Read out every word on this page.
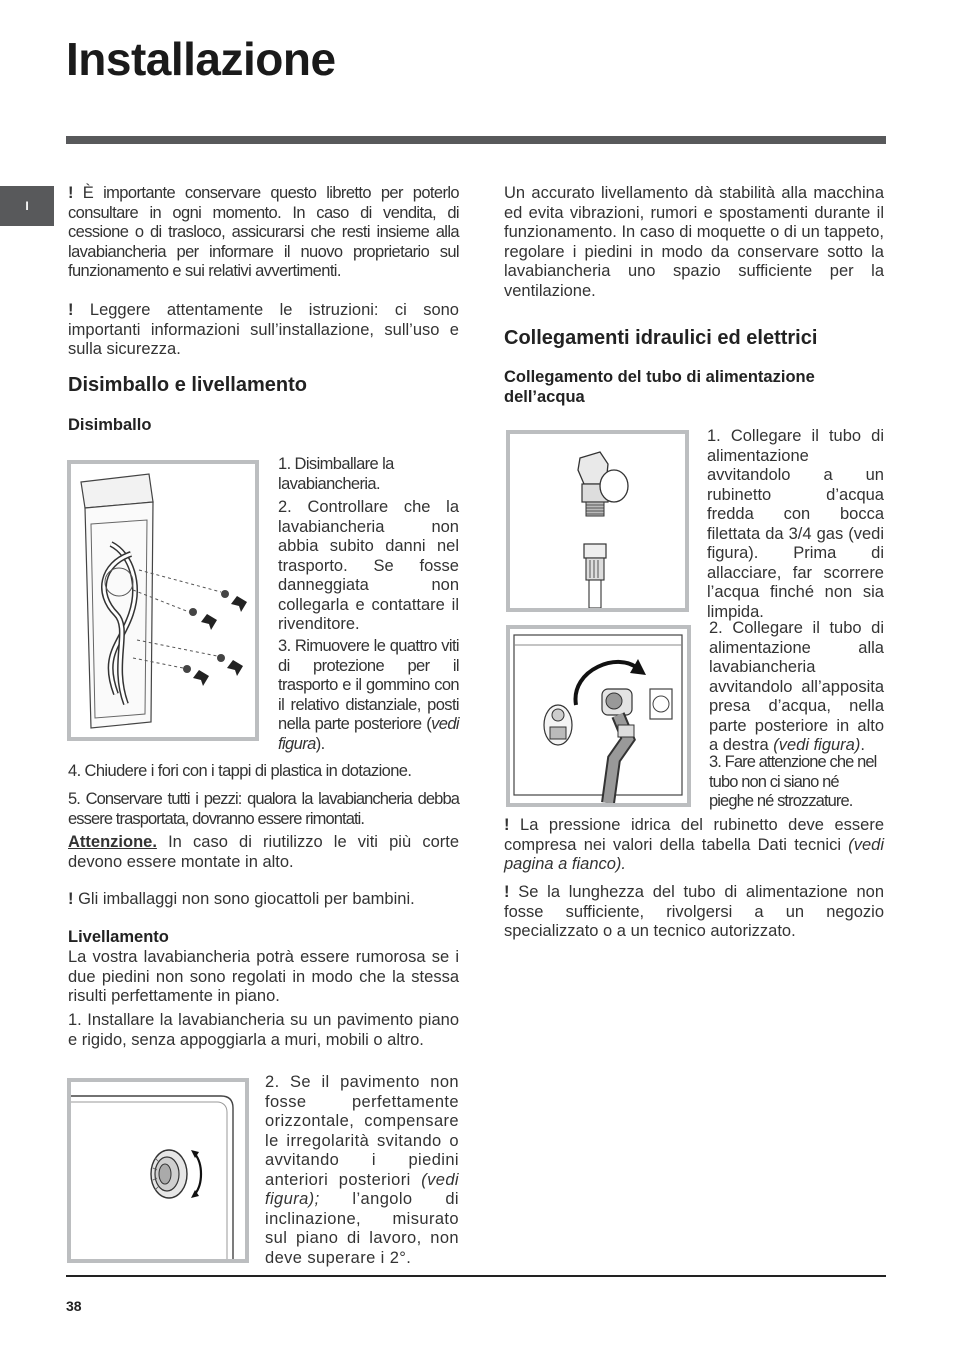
Installazione
I

! È importante conservare questo libretto per poterlo consultare in ogni momento. In caso di vendita, di cessione o di trasloco, assicurarsi che resti insieme alla lavabiancheria per informare il nuovo proprietario sul funzionamento e sui relativi avvertimenti.

! Leggere attentamente le istruzioni: ci sono importanti informazioni sull’installazione, sull’uso e sulla sicurezza.

Disimballo e livellamento
Disimballo

1. Disimballare la lavabiancheria.

2. Controllare che la lavabiancheria non abbia subito danni nel trasporto. Se fosse danneggiata non collegarla e contattare il rivenditore.

3. Rimuovere le quattro viti di protezione per il trasporto e il gommino con il relativo distanziale, posti nella parte posteriore (vedi figura).

4. Chiudere i fori con i tappi di plastica in dotazione.

5. Conservare tutti i pezzi: qualora la lavabiancheria debba essere trasportata, dovranno essere rimontati.

Attenzione. In caso di riutilizzo le viti più corte devono essere montate in alto.

! Gli imballaggi non sono giocattoli per bambini.

Livellamento

La vostra lavabiancheria potrà essere rumorosa se i due piedini non sono regolati in modo che la stessa risulti perfettamente in piano.

1. Installare la lavabiancheria su un pavimento piano e rigido, senza appoggiarla a muri, mobili o altro.

2. Se il pavimento non fosse perfettamente orizzontale, compensare le irregolarità svitando o avvitando i piedini anteriori posteriori (vedi figura); l’angolo di inclinazione, misurato sul piano di lavoro, non deve superare i 2°.

Un accurato livellamento dà stabilità alla macchina ed evita vibrazioni, rumori e spostamenti durante il funzionamento. In caso di moquette o di un tappeto, regolare i piedini in modo da conservare sotto la lavabiancheria uno spazio sufficiente per la ventilazione.

Collegamenti idraulici ed elettrici
Collegamento del tubo di alimentazione dell’acqua

1. Collegare il tubo di alimentazione avvitandolo a un rubinetto d’acqua fredda con bocca filettata da 3/4 gas (vedi figura). Prima di allacciare, far scorrere l’acqua finché non sia limpida.

2. Collegare il tubo di alimentazione alla lavabiancheria avvitandolo all’apposita presa d’acqua, nella parte posteriore in alto a destra (vedi figura).

3. Fare attenzione che nel tubo non ci siano né pieghe né strozzature.

! La pressione idrica del rubinetto deve essere compresa nei valori della tabella Dati tecnici (vedi pagina a fianco).

! Se la lunghezza del tubo di alimentazione non fosse sufficiente, rivolgersi a un negozio specializzato o a un tecnico autorizzato.

38
